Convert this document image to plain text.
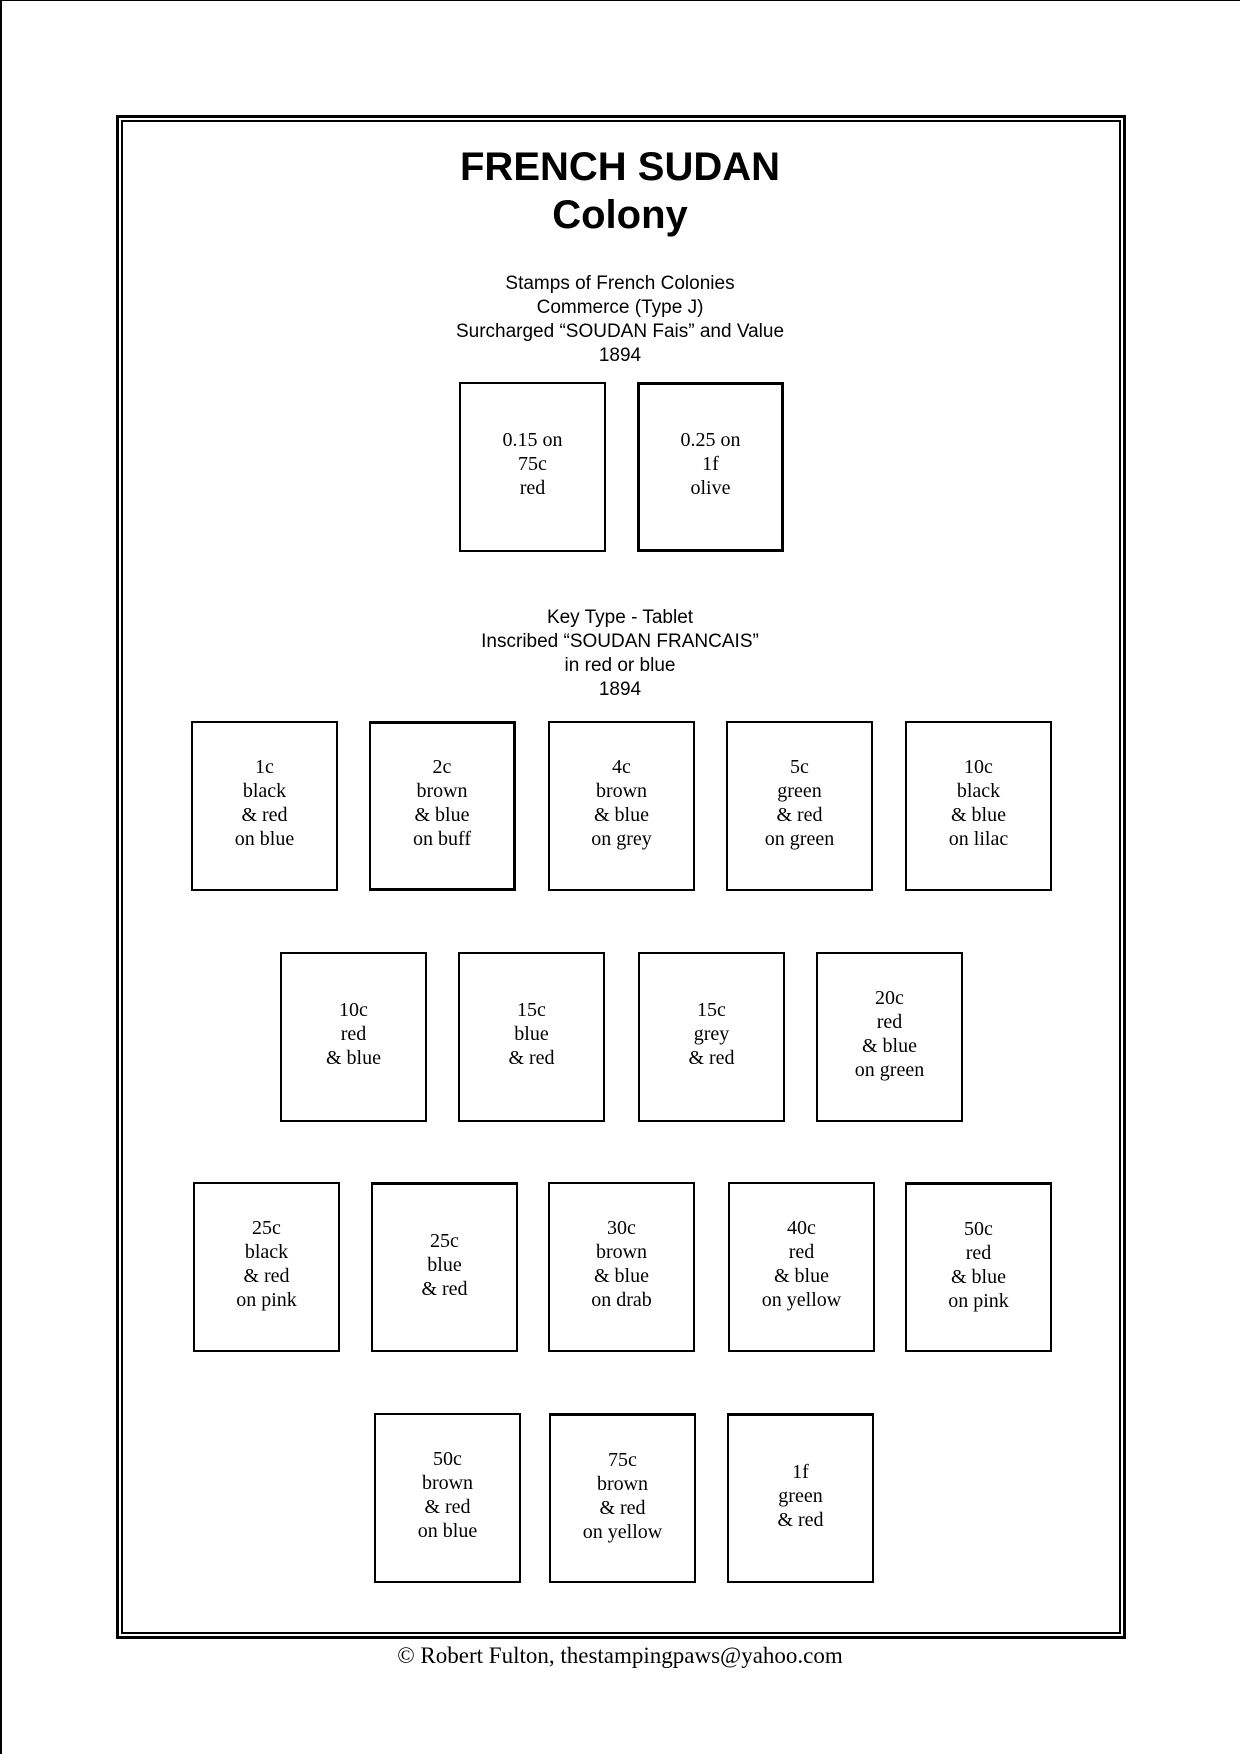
FRENCH SUDAN
Colony
Stamps of French Colonies
Commerce (Type J)
Surcharged “SOUDAN Fais” and Value
1894
0.15 on
75c
red
0.25 on
1f
olive
Key Type - Tablet
Inscribed “SOUDAN FRANCAIS”
in red or blue
1894
1c
black
& red
on blue
2c
brown
& blue
on buff
4c
brown
& blue
on grey
5c
green
& red
on green
10c
black
& blue
on lilac
10c
red
& blue
15c
blue
& red
15c
grey
& red
20c
red
& blue
on green
25c
black
& red
on pink
25c
blue
& red
30c
brown
& blue
on drab
40c
red
& blue
on yellow
50c
red
& blue
on pink
50c
brown
& red
on blue
75c
brown
& red
on yellow
1f
green
& red
© Robert Fulton, thestampingpaws@yahoo.com
